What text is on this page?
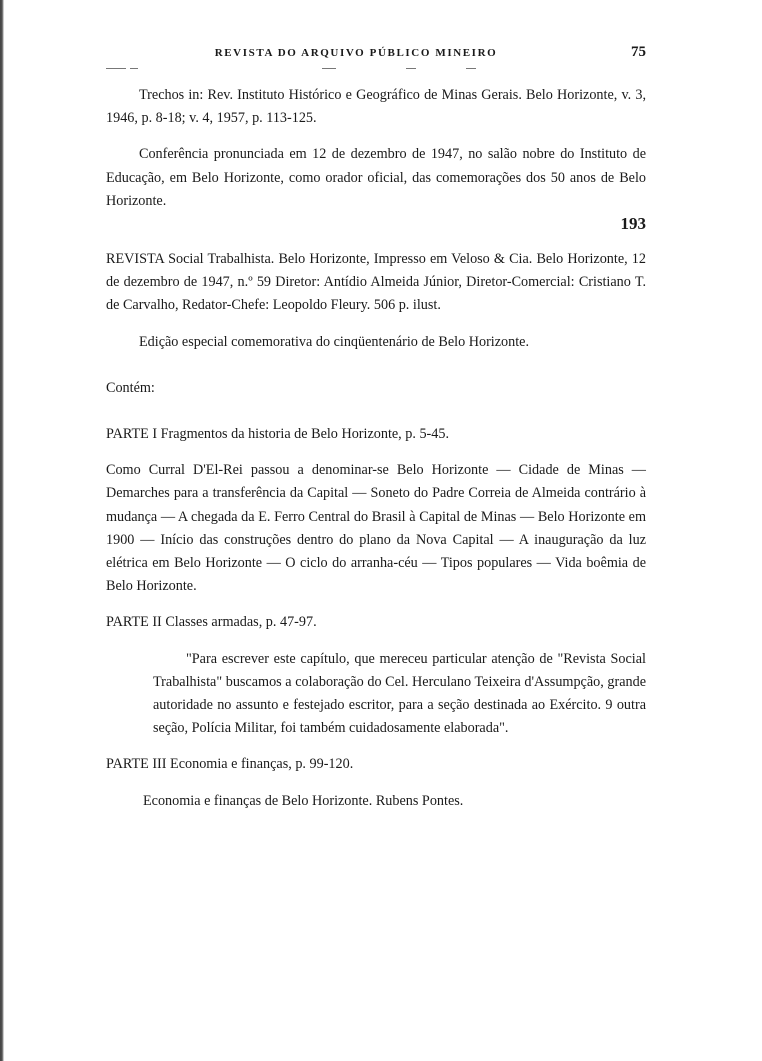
REVISTA DO ARQUIVO PÚBLICO MINEIRO	75

Trechos in: Rev. Instituto Histórico e Geográfico de Minas Gerais. Belo Horizonte, v. 3, 1946, p. 8-18; v. 4, 1957, p. 113-125.

Conferência pronunciada em 12 de dezembro de 1947, no salão nobre do Instituto de Educação, em Belo Horizonte, como orador oficial, das comemorações dos 50 anos de Belo Horizonte.

193

REVISTA Social Trabalhista. Belo Horizonte, Impresso em Veloso & Cia. Belo Horizonte, 12 de dezembro de 1947, n.º 59 Diretor: Antídio Almeida Júnior, Diretor-Comercial: Cristiano T. de Carvalho, Redator-Chefe: Leopoldo Fleury. 506 p. ilust.

Edição especial comemorativa do cinqüentenário de Belo Horizonte.

Contém:

PARTE I Fragmentos da historia de Belo Horizonte, p. 5-45.

Como Curral D'El-Rei passou a denominar-se Belo Horizonte — Cidade de Minas — Demarches para a transferência da Capital — Soneto do Padre Correia de Almeida contrário à mudança — A chegada da E. Ferro Central do Brasil à Capital de Minas — Belo Horizonte em 1900 — Início das construções dentro do plano da Nova Capital — A inauguração da luz elétrica em Belo Horizonte — O ciclo do arranha-céu — Tipos populares — Vida boêmia de Belo Horizonte.

PARTE II Classes armadas, p. 47-97.

"Para escrever este capítulo, que mereceu particular atenção de "Revista Social Trabalhista" buscamos a colaboração do Cel. Herculano Teixeira d'Assumpção, grande autoridade no assunto e festejado escritor, para a seção destinada ao Exército. 9 outra seção, Polícia Militar, foi também cuidadosamente elaborada".

PARTE III Economia e finanças, p. 99-120.

Economia e finanças de Belo Horizonte. Rubens Pontes.
